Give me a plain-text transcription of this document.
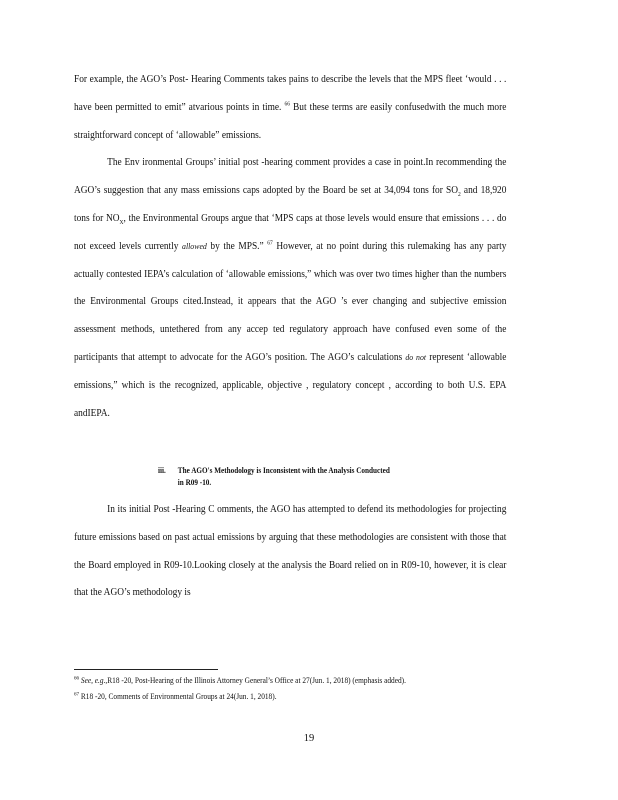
For example, the AGO’s Post- Hearing Comments takes pains to describe the levels that the MPS fleet ‘would . . . have been permitted to emit” atvarious points in time. $^{66}$ But these terms are easily confusedwith the much more straightforward concept of ‘allowable” emissions.

The Env ironmental Groups’ initial post -hearing comment provides a case in point.In recommending the AGO’s suggestion that any mass emissions caps adopted by the Board be set at 34,094 tons for $SO_2$ and 18,920 tons for $NO_X$, the Environmental Groups argue that ‘MPS caps at those levels would ensure that emissions . . . do not exceed levels currently allowed by the MPS.” $^{67}$ However, at no point during this rulemaking has any party actually contested IEPA’s calculation of ‘allowable emissions,” which was over two times higher than the numbers the Environmental Groups cited.Instead, it appears that the AGO ’s ever changing and subjective emission assessment methods, untethered from any accep ted regulatory approach have confused even some of the participants that attempt to advocate for the AGO’s position. The AGO’s calculations do not represent ‘allowable emissions,” which is the recognized, applicable, objective , regulatory concept , according to both U.S. EPA andIEPA.

iii.	The AGO's Methodology is Inconsistent with the Analysis Conducted
in R09 -10.

In its initial Post -Hearing C omments, the AGO has attempted to defend its methodologies for projecting future emissions based on past actual emissions by arguing that these methodologies are consistent with those that the Board employed in R09-10.Looking closely at the analysis the Board relied on in R09-10, however, it is clear that the AGO’s methodology is

$^{66}$ See, e.g.,R18 -20, Post-Hearing of the Illinois Attorney General’s Office at 27(Jun. 1, 2018) (emphasis added).

$^{67}$ R18 -20, Comments of Environmental Groups at 24(Jun. 1, 2018).

19
